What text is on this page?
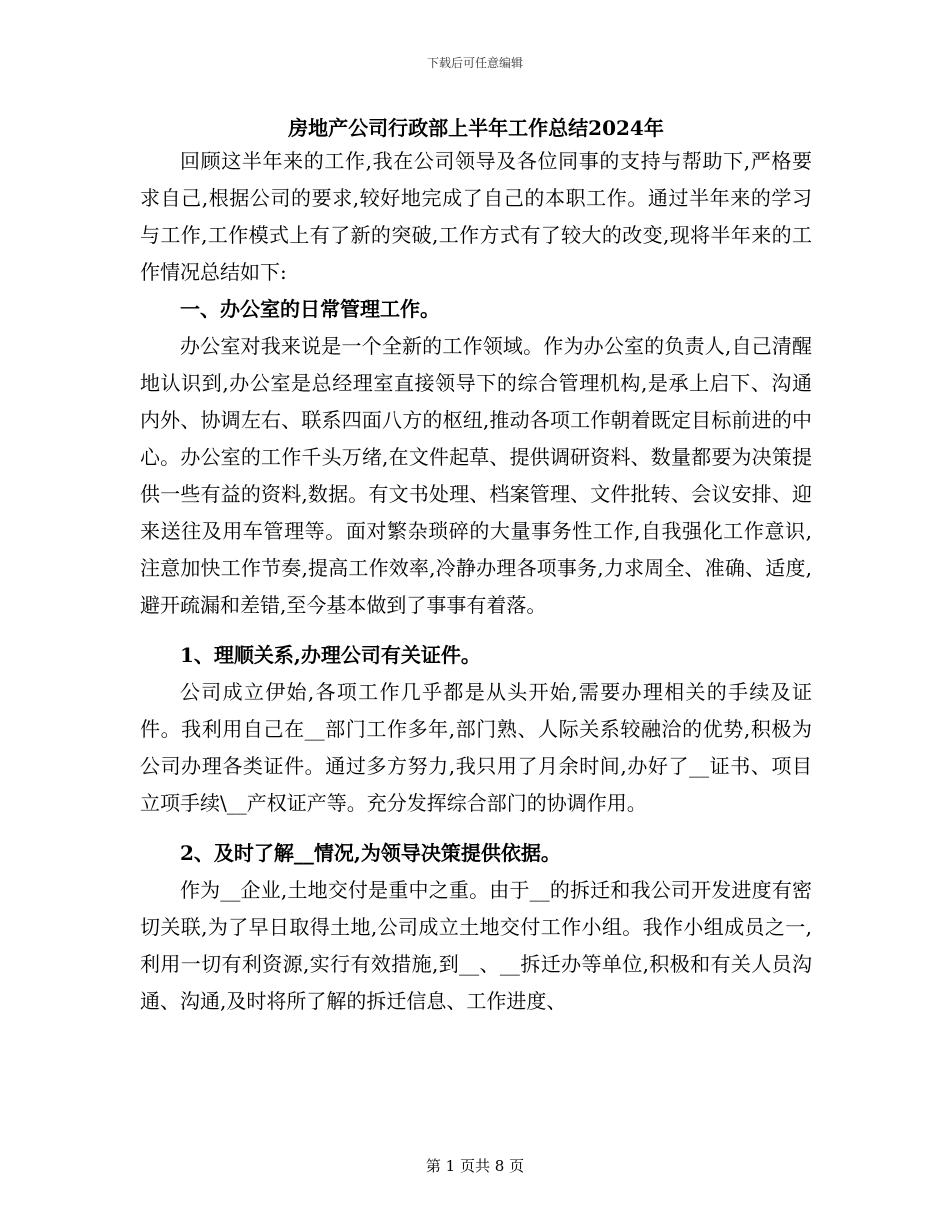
下载后可任意编辑
房地产公司行政部上半年工作总结2024年

回顾这半年来的工作,我在公司领导及各位同事的支持与帮助下,严格要求自己,根据公司的要求,较好地完成了自己的本职工作。通过半年来的学习与工作,工作模式上有了新的突破,工作方式有了较大的改变,现将半年来的工作情况总结如下:

一、办公室的日常管理工作。

办公室对我来说是一个全新的工作领域。作为办公室的负责人,自己清醒地认识到,办公室是总经理室直接领导下的综合管理机构,是承上启下、沟通内外、协调左右、联系四面八方的枢纽,推动各项工作朝着既定目标前进的中心。办公室的工作千头万绪,在文件起草、提供调研资料、数量都要为决策提供一些有益的资料,数据。有文书处理、档案管理、文件批转、会议安排、迎来送往及用车管理等。面对繁杂琐碎的大量事务性工作,自我强化工作意识,注意加快工作节奏,提高工作效率,冷静办理各项事务,力求周全、准确、适度,避开疏漏和差错,至今基本做到了事事有着落。

1、理顺关系,办理公司有关证件。

公司成立伊始,各项工作几乎都是从头开始,需要办理相关的手续及证件。我利用自己在__部门工作多年,部门熟、人际关系较融洽的优势,积极为公司办理各类证件。通过多方努力,我只用了月余时间,办好了__证书、项目立项手续\__产权证产等。充分发挥综合部门的协调作用。

2、及时了解__情况,为领导决策提供依据。

作为__企业,土地交付是重中之重。由于__的拆迁和我公司开发进度有密切关联,为了早日取得土地,公司成立土地交付工作小组。我作小组成员之一,利用一切有利资源,实行有效措施,到__、__拆迁办等单位,积极和有关人员沟通、沟通,及时将所了解的拆迁信息、工作进度、

第 1 页共 8 页
